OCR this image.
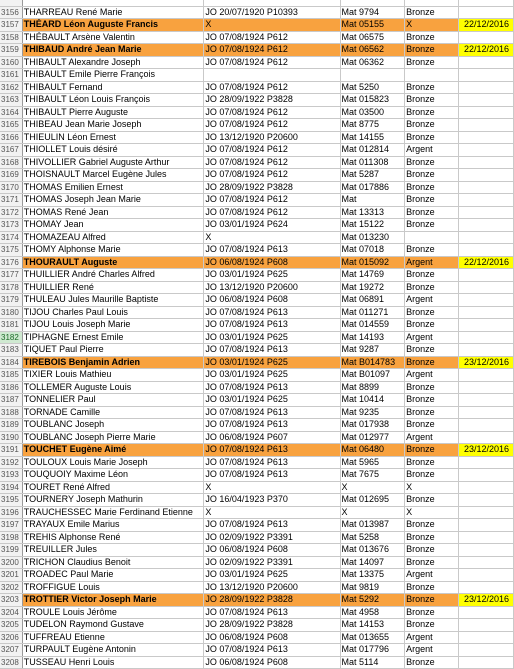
3156	THARREAU René Marie	JO 20/07/1920 P10393	Mat 9794	Bronze	
3157	THÉARD Léon Auguste Francis	X	Mat 05155	X	22/12/2016
3158	THÉBAULT Arsène Valentin	JO 07/08/1924 P612	Mat 06575	Bronze	
3159	THIBAUD André Jean Marie	JO 07/08/1924 P612	Mat 06562	Bronze	22/12/2016
3160	THIBAULT Alexandre Joseph	JO 07/08/1924 P612	Mat 06362	Bronze	
3161	THIBAULT Emile Pierre François				
3162	THIBAULT Fernand	JO 07/08/1924 P612	Mat 5250	Bronze	
3163	THIBAULT Léon Louis François	JO 28/09/1922 P3828	Mat 015823	Bronze	
3164	THIBAULT Pierre Auguste	JO 07/08/1924 P612	Mat 03500	Bronze	
3165	THIBEAU Jean Marie Joseph	JO 07/08/1924 P612	Mat 8775	Bronze	
3166	THIEULIN Léon Ernest	JO 13/12/1920 P20600	Mat 14155	Bronze	
3167	THIOLLET Louis désiré	JO 07/08/1924 P612	Mat 012814	Argent	
3168	THIVOLLIER Gabriel Auguste Arthur	JO 07/08/1924 P612	Mat 011308	Bronze	
3169	THOISNAULT Marcel Eugène Jules	JO 07/08/1924 P612	Mat 5287	Bronze	
3170	THOMAS Emilien Ernest	JO 28/09/1922 P3828	Mat 017886	Bronze	
3171	THOMAS Joseph Jean Marie	JO 07/08/1924 P612	Mat	Bronze	
3172	THOMAS René Jean	JO 07/08/1924 P612	Mat 13313	Bronze	
3173	THOMAY Jean	JO 03/01/1924 P624	Mat 15122	Bronze	
3174	THOMAZEAU Alfred	X	Mat 013230		
3175	THOMY Alphonse Marie	JO 07/08/1924 P613	Mat 07018	Bronze	
3176	THOURAULT Auguste	JO 06/08/1924 P608	Mat 015092	Argent	22/12/2016
3177	THUILLIER André Charles Alfred	JO 03/01/1924 P625	Mat 14769	Bronze	
3178	THUILLIER René	JO 13/12/1920 P20600	Mat 19272	Bronze	
3179	THULEAU Jules Maurille Baptiste	JO 06/08/1924 P608	Mat 06891	Argent	
3180	TIJOU Charles Paul Louis	JO 07/08/1924 P613	Mat 011271	Bronze	
3181	TIJOU Louis Joseph Marie	JO 07/08/1924 P613	Mat 014559	Bronze	
3182	TIPHAGNE Ernest Emile	JO 03/01/1924 P625	Mat 14193	Argent	
3183	TIQUET Paul Pierre	JO 07/08/1924 P613	Mat 9287	Bronze	
3184	TIREBOIS Benjamin Adrien	JO 03/01/1924 P625	Mat B014783	Bronze	23/12/2016
3185	TIXIER Louis Mathieu	JO 03/01/1924 P625	Mat B01097	Argent	
3186	TOLLEMER Auguste Louis	JO 07/08/1924 P613	Mat 8899	Bronze	
3187	TONNELIER Paul	JO 03/01/1924 P625	Mat 10414	Bronze	
3188	TORNADE Camille	JO 07/08/1924 P613	Mat 9235	Bronze	
3189	TOUBLANC Joseph	JO 07/08/1924 P613	Mat 017938	Bronze	
3190	TOUBLANC Joseph Pierre Marie	JO 06/08/1924 P607	Mat 012977	Argent	
3191	TOUCHET Eugène Aimé	JO 07/08/1924 P613	Mat 06480	Bronze	23/12/2016
3192	TOULOUX Louis Marie Joseph	JO 07/08/1924 P613	Mat 5965	Bronze	
3193	TOUQUOIY Maxime Léon	JO 07/08/1924 P613	Mat 7675	Bronze	
3194	TOURET René Alfred	X	X	X	
3195	TOURNERY Joseph Mathurin	JO 16/04/1923 P370	Mat 012695	Bronze	
3196	TRAUCHESSEC Marie Ferdinand Etienne	X	X	X	
3197	TRAYAUX Emile Marius	JO 07/08/1924 P613	Mat 013987	Bronze	
3198	TREHIS Alphonse René	JO 02/09/1922 P3391	Mat 5258	Bronze	
3199	TREUILLER Jules	JO 06/08/1924 P608	Mat 013676	Bronze	
3200	TRICHON Claudius Benoit	JO 02/09/1922 P3391	Mat 14097	Bronze	
3201	TROADEC Paul Marie	JO 03/01/1924 P625	Mat 13375	Argent	
3202	TROFFIGUE Louis	JO 13/12/1920 P20600	Mat 9819	Bronze	
3203	TROTTIER Victor Joseph Marie	JO 28/09/1922 P3828	Mat 5292	Bronze	23/12/2016
3204	TROULE Louis Jérôme	JO 07/08/1924 P613	Mat 4958	Bronze	
3205	TUDELON Raymond Gustave	JO 28/09/1922 P3828	Mat 14153	Bronze	
3206	TUFFREAU Etienne	JO 06/08/1924 P608	Mat 013655	Argent	
3207	TURPAULT Eugène Antonin	JO 07/08/1924 P613	Mat 017796	Argent	
3208	TUSSEAU Henri Louis	JO 06/08/1924 P608	Mat 5114	Bronze	
